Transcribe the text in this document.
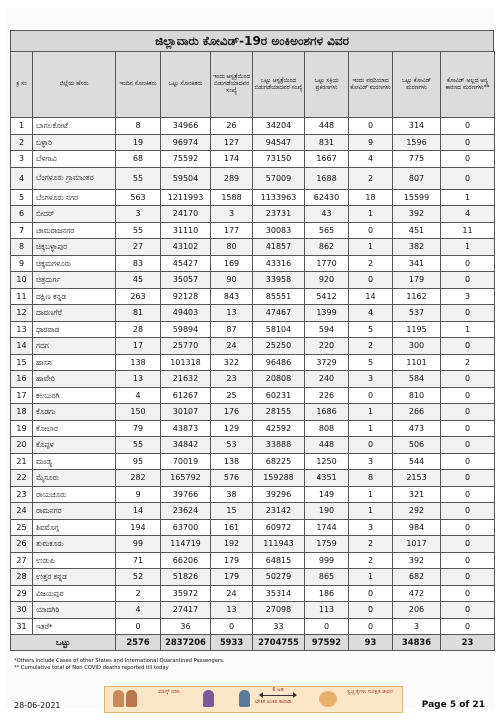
ಜಿಲ್ಲಾವಾರು ಕೋವಿಡ್-19ರ ಅಂಕಿಅಂಶಗಳ ವಿವರ
ಕ್ರ ಸಂ	ಜಿಲ್ಲೆಯ ಹೆಸರು	ಇಂದಿನ ಸೋಂಕಿತರು	ಒಟ್ಟು ಸೋಂಕಿತರು	ಇಂದು ಆಸ್ಪತ್ರೆಯಿಂದ ಬಿಡುಗಡೆಯಾದವರ ಸಂಖ್ಯೆ	ಒಟ್ಟು ಆಸ್ಪತ್ರೆಯಿಂದ ಬಿಡುಗಡೆಯಾದವರ ಸಂಖ್ಯೆ	ಒಟ್ಟು ಸಕ್ರಿಯ ಪ್ರಕರಣಗಳು	ಇಂದು ವರದಿಯಾದ ಕೋವಿಡ್ ಮರಣಗಳು	ಒಟ್ಟು ಕೋವಿಡ್ ಮರಣಗಳು	ಕೋವಿಡ್ ಅಲ್ಲದ ಅನ್ಯ ಕಾರಣದ ಮರಣಗಳು**
1	ಬಾಗಲಕೋಟೆ	8	34966	26	34204	448	0	314	0
2	ಬಳ್ಳಾರಿ	19	96974	127	94547	831	9	1596	0
3	ಬೆಳಗಾವಿ	68	75592	174	73150	1667	4	775	0
4	ಬೆಂಗಳೂರು ಗ್ರಾಮಾಂತರ	55	59504	289	57009	1688	2	807	0
5	ಬೆಂಗಳೂರು ನಗರ	563	1211993	1588	1133963	62430	18	15599	1
6	ಬೀದರ್	3	24170	3	23731	43	1	392	4
7	ಚಾಮರಾಜನಗರ	55	31110	177	30083	565	0	451	11
8	ಚಿಕ್ಕಬಳ್ಳಾಪುರ	27	43102	80	41857	862	1	382	1
9	ಚಿಕ್ಕಮಗಳೂರು	83	45427	169	43316	1770	2	341	0
10	ಚಿತ್ರದುರ್ಗ	45	35057	90	33958	920	0	179	0
11	ದಕ್ಷಿಣ ಕನ್ನಡ	263	92128	843	85551	5412	14	1162	3
12	ದಾವಣಗೆರೆ	81	49403	13	47467	1399	4	537	0
13	ಧಾರವಾಡ	28	59894	87	58104	594	5	1195	1
14	ಗದಗ	17	25770	24	25250	220	2	300	0
15	ಹಾಸನ	138	101318	322	96486	3729	5	1101	2
16	ಹಾವೇರಿ	13	21632	23	20808	240	3	584	0
17	ಕಲಬುರಗಿ	4	61267	25	60231	226	0	810	0
18	ಕೊಡಗು	150	30107	176	28155	1686	1	266	0
19	ಕೋಲಾರ	79	43873	129	42592	808	1	473	0
20	ಕೊಪ್ಪಳ	55	34842	53	33888	448	0	506	0
21	ಮಂಡ್ಯ	95	70019	138	68225	1250	3	544	0
22	ಮೈಸೂರು	282	165792	576	159288	4351	8	2153	0
23	ರಾಯಚೂರು	9	39766	38	39296	149	1	321	0
24	ರಾಮನಗರ	14	23624	15	23142	190	1	292	0
25	ಶಿವಮೊಗ್ಗ	194	63700	161	60972	1744	3	984	0
26	ತುಮಕೂರು	99	114719	192	111943	1759	2	1017	0
27	ಉಡುಪಿ	71	66206	179	64815	999	2	392	0
28	ಉತ್ತರ ಕನ್ನಡ	52	51826	179	50279	865	1	682	0
29	ವಿಜಯಪುರ	2	35972	24	35314	186	0	472	0
30	ಯಾದಗಿರಿ	4	27417	13	27098	113	0	206	0
31	ಇತರೆ*	0	36	0	33	0	0	3	0
ಒಟ್ಟು		2576	2837206	5933	2704755	97592	93	34836	23
*Others include Cases of other States and International Quarantined Passengers.
** Cumulative total of Non COVID deaths reported till today
28-06-2021
ಮಾಸ್ಕ್ ಧರಿಸಿ	6 ಅಡಿ
ಭೌತಿಕ ಅಂತರ ಕಾಪಾಡಿ
ಸ್ವಚ್ಛ ಕೈಗಳು ಸುರಕ್ಷಿತ ಜೀವನ
Page 5 of 21
